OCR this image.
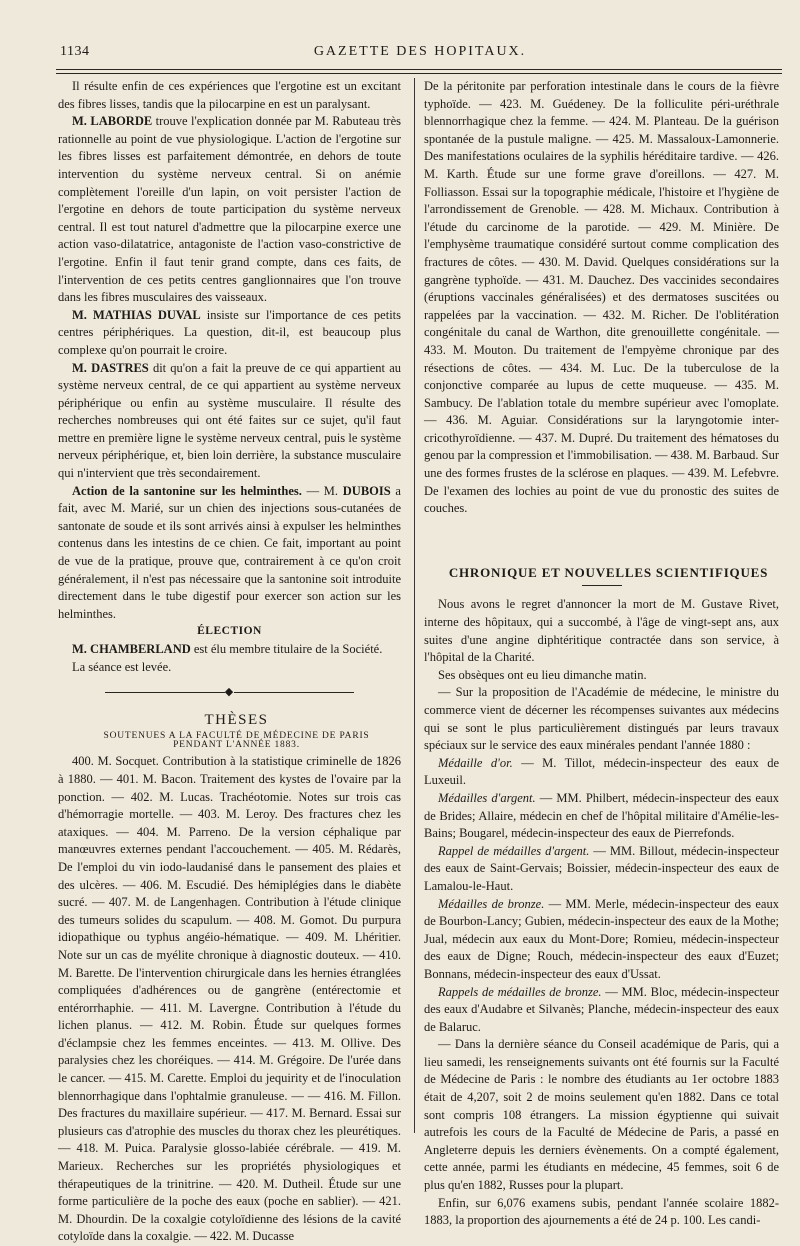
1134	GAZETTE DES HOPITAUX.

Il résulte enfin de ces expériences que l'ergotine est un excitant des fibres lisses, tandis que la pilocarpine en est un paralysant.

M. LABORDE trouve l'explication donnée par M. Rabuteau très rationnelle au point de vue physiologique. L'action de l'ergotine sur les fibres lisses est parfaitement démontrée, en dehors de toute intervention du système nerveux central. Si on anémie complètement l'oreille d'un lapin, on voit persister l'action de l'ergotine en dehors de toute participation du système nerveux central. Il est tout naturel d'admettre que la pilocarpine exerce une action vaso-dilatatrice, antagoniste de l'action vaso-constrictive de l'ergotine. Enfin il faut tenir grand compte, dans ces faits, de l'intervention de ces petits centres ganglionnaires que l'on trouve dans les fibres musculaires des vaisseaux.

M. MATHIAS DUVAL insiste sur l'importance de ces petits centres périphériques. La question, dit-il, est beaucoup plus complexe qu'on pourrait le croire.

M. DASTRES dit qu'on a fait la preuve de ce qui appartient au système nerveux central, de ce qui appartient au système nerveux périphérique ou enfin au système musculaire. Il résulte des recherches nombreuses qui ont été faites sur ce sujet, qu'il faut mettre en première ligne le système nerveux central, puis le système nerveux périphérique, et, bien loin derrière, la substance musculaire qui n'intervient que très secondairement.

Action de la santonine sur les helminthes. — M. DUBOIS a fait, avec M. Marié, sur un chien des injections sous-cutanées de santonate de soude et ils sont arrivés ainsi à expulser les helminthes contenus dans les intestins de ce chien. Ce fait, important au point de vue de la pratique, prouve que, contrairement à ce qu'on croit généralement, il n'est pas nécessaire que la santonine soit introduite directement dans le tube digestif pour exercer son action sur les helminthes.

ÉLECTION

M. CHAMBERLAND est élu membre titulaire de la Société.

La séance est levée.

◆

THÈSES

SOUTENUES A LA FACULTÉ DE MÉDECINE DE PARIS

PENDANT L'ANNÉE 1883.

400. M. Socquet. Contribution à la statistique criminelle de 1826 à 1880. — 401. M. Bacon. Traitement des kystes de l'ovaire par la ponction. — 402. M. Lucas. Trachéotomie. Notes sur trois cas d'hémorragie mortelle. — 403. M. Leroy. Des fractures chez les ataxiques. — 404. M. Parreno. De la version céphalique par manœuvres externes pendant l'accouchement. — 405. M. Rédarès, De l'emploi du vin iodo-laudanisé dans le pansement des plaies et des ulcères. — 406. M. Escudié. Des hémiplégies dans le diabète sucré. — 407. M. de Langenhagen. Contribution à l'étude clinique des tumeurs solides du scapulum. — 408. M. Gomot. Du purpura idiopathique ou typhus angéio-hématique. — 409. M. Lhéritier. Note sur un cas de myélite chronique à diagnostic douteux. — 410. M. Barette. De l'intervention chirurgicale dans les hernies étranglées compliquées d'adhérences ou de gangrène (entérectomie et entérorrhaphie. — 411. M. Lavergne. Contribution à l'étude du lichen planus. — 412. M. Robin. Étude sur quelques formes d'éclampsie chez les femmes enceintes. — 413. M. Ollive. Des paralysies chez les choréiques. — 414. M. Grégoire. De l'urée dans le cancer. — 415. M. Carette. Emploi du jequirity et de l'inoculation blennorrhagique dans l'ophtalmie granuleuse. — — 416. M. Fillon. Des fractures du maxillaire supérieur. — 417. M. Bernard. Essai sur plusieurs cas d'atrophie des muscles du thorax chez les pleurétiques. — 418. M. Puica. Paralysie glosso-labiée cérébrale. — 419. M. Marieux. Recherches sur les propriétés physiologiques et thérapeutiques de la trinitrine. — 420. M. Dutheil. Étude sur une forme particulière de la poche des eaux (poche en sablier). — 421. M. Dhourdin. De la coxalgie cotyloïdienne des lésions de la cavité cotyloïde dans la coxalgie. — 422. M. Ducasse

De la péritonite par perforation intestinale dans le cours de la fièvre typhoïde. — 423. M. Guédeney. De la folliculite péri-uréthrale blennorrhagique chez la femme. — 424. M. Planteau. De la guérison spontanée de la pustule maligne. — 425. M. Massaloux-Lamonnerie. Des manifestations oculaires de la syphilis héréditaire tardive. — 426. M. Karth. Étude sur une forme grave d'oreillons. — 427. M. Folliasson. Essai sur la topographie médicale, l'histoire et l'hygiène de l'arrondissement de Grenoble. — 428. M. Michaux. Contribution à l'étude du carcinome de la parotide. — 429. M. Minière. De l'emphysème traumatique considéré surtout comme complication des fractures de côtes. — 430. M. David. Quelques considérations sur la gangrène typhoïde. — 431. M. Dauchez. Des vaccinides secondaires (éruptions vaccinales généralisées) et des dermatoses suscitées ou rappelées par la vaccination. — 432. M. Richer. De l'oblitération congénitale du canal de Warthon, dite grenouillette congénitale. — 433. M. Mouton. Du traitement de l'empyème chronique par des résections de côtes. — 434. M. Luc. De la tuberculose de la conjonctive comparée au lupus de cette muqueuse. — 435. M. Sambucy. De l'ablation totale du membre supérieur avec l'omoplate. — 436. M. Aguiar. Considérations sur la laryngotomie inter-cricothyroïdienne. — 437. M. Dupré. Du traitement des hématoses du genou par la compression et l'immobilisation. — 438. M. Barbaud. Sur une des formes frustes de la sclérose en plaques. — 439. M. Lefebvre. De l'examen des lochies au point de vue du pronostic des suites de couches.

CHRONIQUE ET NOUVELLES SCIENTIFIQUES

Nous avons le regret d'annoncer la mort de M. Gustave Rivet, interne des hôpitaux, qui a succombé, à l'âge de vingt-sept ans, aux suites d'une angine diphtéritique contractée dans son service, à l'hôpital de la Charité.

Ses obsèques ont eu lieu dimanche matin.

— Sur la proposition de l'Académie de médecine, le ministre du commerce vient de décerner les récompenses suivantes aux médecins qui se sont le plus particulièrement distingués par leurs travaux spéciaux sur le service des eaux minérales pendant l'année 1880 :

Médaille d'or. — M. Tillot, médecin-inspecteur des eaux de Luxeuil.

Médailles d'argent. — MM. Philbert, médecin-inspecteur des eaux de Brides; Allaire, médecin en chef de l'hôpital militaire d'Amélie-les-Bains; Bougarel, médecin-inspecteur des eaux de Pierrefonds.

Rappel de médailles d'argent. — MM. Billout, médecin-inspecteur des eaux de Saint-Gervais; Boissier, médecin-inspecteur des eaux de Lamalou-le-Haut.

Médailles de bronze. — MM. Merle, médecin-inspecteur des eaux de Bourbon-Lancy; Gubien, médecin-inspecteur des eaux de la Mothe; Jual, médecin aux eaux du Mont-Dore; Romieu, médecin-inspecteur des eaux de Digne; Rouch, médecin-inspecteur des eaux d'Euzet; Bonnans, médecin-inspecteur des eaux d'Ussat.

Rappels de médailles de bronze. — MM. Bloc, médecin-inspecteur des eaux d'Audabre et Silvanès; Planche, médecin-inspecteur des eaux de Balaruc.

— Dans la dernière séance du Conseil académique de Paris, qui a lieu samedi, les renseignements suivants ont été fournis sur la Faculté de Médecine de Paris : le nombre des étudiants au 1er octobre 1883 était de 4,207, soit 2 de moins seulement qu'en 1882. Dans ce total sont compris 108 étrangers. La mission égyptienne qui suivait autrefois les cours de la Faculté de Médecine de Paris, a passé en Angleterre depuis les derniers évènements. On a compté également, cette année, parmi les étudiants en médecine, 45 femmes, soit 6 de plus qu'en 1882, Russes pour la plupart.

Enfin, sur 6,076 examens subis, pendant l'année scolaire 1882-1883, la proportion des ajournements a été de 24 p. 100. Les candi-
